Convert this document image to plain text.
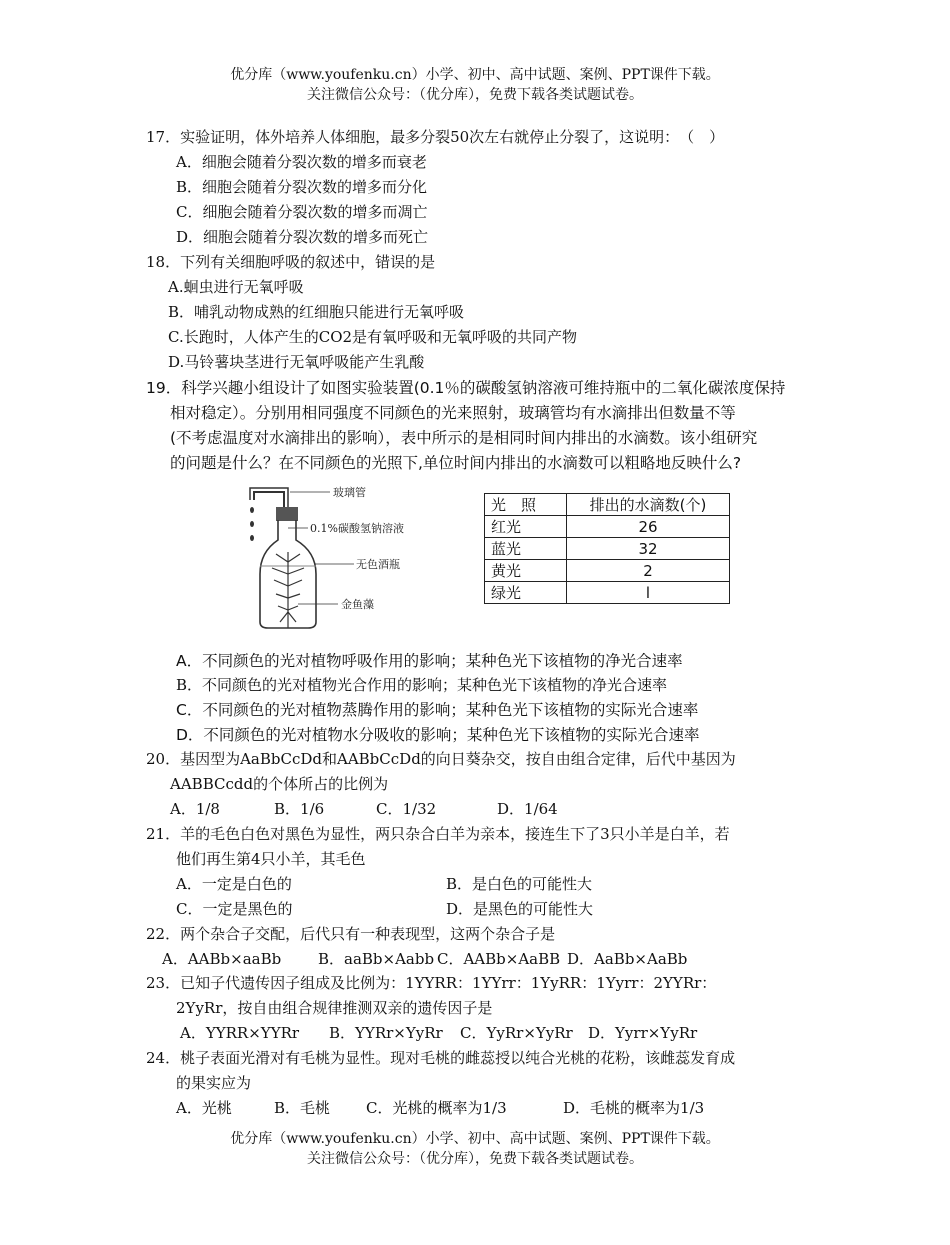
优分库（www.youfenku.cn）小学、初中、高中试题、案例、PPT课件下载。
关注微信公众号：（优分库），免费下载各类试题试卷。
17．实验证明，体外培养人体细胞，最多分裂50次左右就停止分裂了，这说明：　（　）
A．细胞会随着分裂次数的增多而衰老
B．细胞会随着分裂次数的增多而分化
C．细胞会随着分裂次数的增多而凋亡
D．细胞会随着分裂次数的增多而死亡
18．下列有关细胞呼吸的叙述中，错误的是
A.蛔虫进行无氧呼吸
B．哺乳动物成熟的红细胞只能进行无氧呼吸
C.长跑时，人体产生的CO2是有氧呼吸和无氧呼吸的共同产物
D.马铃薯块茎进行无氧呼吸能产生乳酸
19．科学兴趣小组设计了如图实验装置(0.1％的碳酸氢钠溶液可维持瓶中的二氧化碳浓度保持
相对稳定）。分别用相同强度不同颜色的光来照射，玻璃管均有水滴排出但数量不等
(不考虑温度对水滴排出的影响），表中所示的是相同时间内排出的水滴数。该小组研究
的问题是什么？在不同颜色的光照下,单位时间内排出的水滴数可以粗略地反映什么?
玻璃管
0.1%碳酸氢钠溶液
无色酒瓶
金鱼藻
光　照	排出的水滴数(个)
红光	26
蓝光	32
黄光	2
绿光	l
A．不同颜色的光对植物呼吸作用的影响；某种色光下该植物的净光合速率
B．不同颜色的光对植物光合作用的影响；某种色光下该植物的净光合速率
C．不同颜色的光对植物蒸腾作用的影响；某种色光下该植物的实际光合速率
D．不同颜色的光对植物水分吸收的影响；某种色光下该植物的实际光合速率
20．基因型为AaBbCcDd和AABbCcDd的向日葵杂交，按自由组合定律，后代中基因为
AABBCcdd的个体所占的比例为
A．1/8	B．1/6	C．1/32	D．1/64
21．羊的毛色白色对黑色为显性，两只杂合白羊为亲本，接连生下了3只小羊是白羊，若
他们再生第4只小羊，其毛色
A．一定是白色的	B．是白色的可能性大
C．一定是黑色的	D．是黑色的可能性大
22．两个杂合子交配，后代只有一种表现型，这两个杂合子是
A．AABb×aaBb B．aaBb×Aabb C．AABb×AaBB D．AaBb×AaBb
23．已知子代遗传因子组成及比例为：1YYRR：1YYrr：1YyRR：1Yyrr：2YYRr：
2YyRr，按自由组合规律推测双亲的遗传因子是
A．YYRR×YYRr B．YYRr×YyRr C．YyRr×YyRr D．Yyrr×YyRr
24．桃子表面光滑对有毛桃为显性。现对毛桃的雌蕊授以纯合光桃的花粉，该雌蕊发育成
的果实应为
A．光桃	B．毛桃 C．光桃的概率为1/3	D．毛桃的概率为1/3
优分库（www.youfenku.cn）小学、初中、高中试题、案例、PPT课件下载。
关注微信公众号：（优分库），免费下载各类试题试卷。
